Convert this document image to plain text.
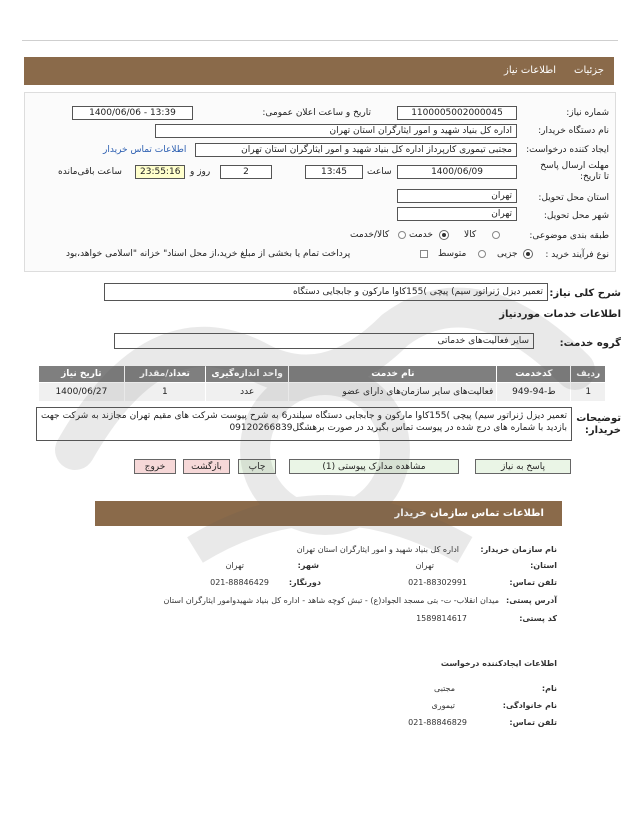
جزئیات
اطلاعات نیاز
شماره نیاز:
1100005002000045
تاریخ و ساعت اعلان عمومی:
1400/06/06 - 13:39
نام دستگاه خریدار:
اداره کل بنیاد شهید و امور ایثارگران استان تهران
ایجاد کننده درخواست:
مجتبی تیموری کارپرداز اداره کل بنیاد شهید و امور ایثارگران استان تهران
اطلاعات تماس خریدار
مهلت ارسال پاسخ تا تاریخ:
1400/06/09
ساعت
13:45
2
روز و
23:55:16
ساعت باقی‌مانده
استان محل تحویل:
تهران
شهر محل تحویل:
تهران
طبقه بندی موضوعی:
کالا
خدمت
کالا/خدمت
نوع فرآیند خرید :
جزیی
متوسط
پرداخت تمام یا بخشی از مبلغ خرید،از محل اسناد" خزانه "اسلامی خواهد،بود
شرح کلی نیاز:
تعمیر دیزل ژنراتور سیم) پیچی )155کاوا مارکون و جابجایی دستگاه
اطلاعات خدمات موردنیاز
گروه خدمت:
سایر فعالیت‌های خدماتی
ردیف	کدخدمت	نام خدمت	واحد اندازه‌گیری	تعداد/مقدار	تاریخ نیاز
1	ط-94-949	فعالیت‌های سایر سازمان‌های دارای عضو	عدد	1	1400/06/27
توضیحات خریدار:
تعمیر دیزل ژنراتور سیم) پیچی )155کاوا مارکون و جابجایی دستگاه سیلندر6 به شرح پیوست شرکت های مقیم تهران مجازند به شرکت جهت بازدید با شماره های درج شده در پیوست تماس بگیرید در صورت برهشگل09120266839
پاسخ به نیاز
مشاهده مدارک پیوستی (1)
چاپ
بازگشت
خروج
اطلاعات تماس سازمان خریدار
نام سازمان خریدار:
اداره کل بنیاد شهید و امور ایثارگران استان تهران
استان:
تهران
شهر:
تهران
تلفن تماس:
021-88302991
دورنگار:
021-88846429
آدرس پستی:
میدان انقلاب- ت- بتی مسجد الجواد(ع) - تبش کوچه شاهد - اداره کل بنیاد شهیدوامور ایثارگران استان
کد پستی:
1589814617
اطلاعات ایجادکننده درخواست
نام:
مجتبی
نام خانوادگی:
تیموری
تلفن تماس:
021-88846829
